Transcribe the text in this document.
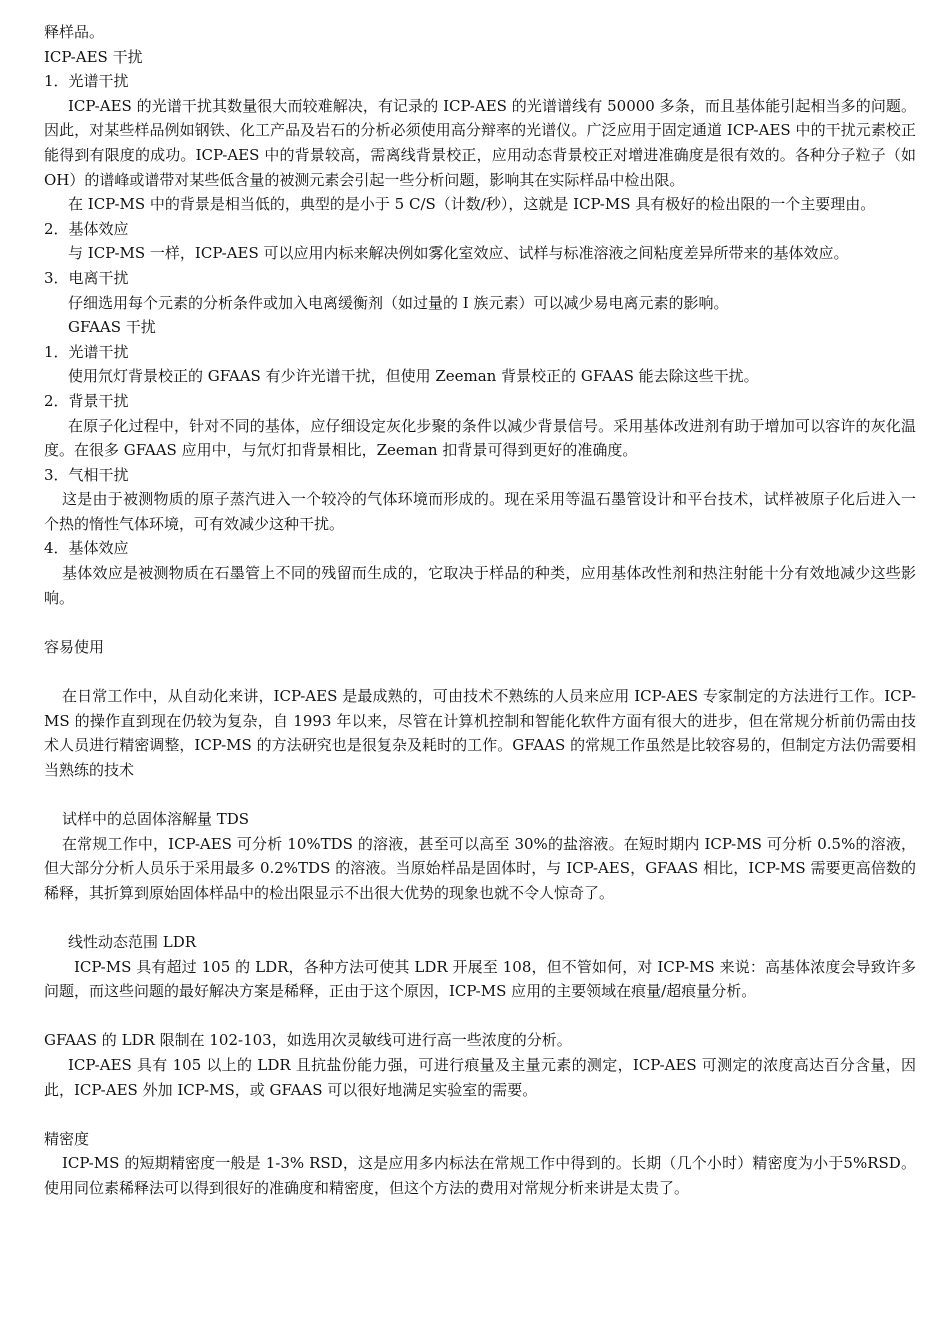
释样品。

ICP-AES 干扰

1．光谱干扰

ICP-AES 的光谱干扰其数量很大而较难解决，有记录的 ICP-AES 的光谱谱线有 50000 多条，而且基体能引起相当多的问题。因此，对某些样品例如钢铁、化工产品及岩石的分析必须使用高分辩率的光谱仪。广泛应用于固定通道 ICP-AES 中的干扰元素校正能得到有限度的成功。ICP-AES 中的背景较高，需离线背景校正，应用动态背景校正对增进准确度是很有效的。各种分子粒子（如 OH）的谱峰或谱带对某些低含量的被测元素会引起一些分析问题，影响其在实际样品中检出限。

在 ICP-MS 中的背景是相当低的，典型的是小于 5 C/S（计数/秒），这就是 ICP-MS 具有极好的检出限的一个主要理由。

2．基体效应

与 ICP-MS 一样，ICP-AES 可以应用内标来解决例如雾化室效应、试样与标准溶液之间粘度差异所带来的基体效应。

3．电离干扰

仔细选用每个元素的分析条件或加入电离缓衡剂（如过量的 I 族元素）可以减少易电离元素的影响。

GFAAS 干扰

1．光谱干扰

使用氘灯背景校正的 GFAAS 有少许光谱干扰，但使用 Zeeman 背景校正的 GFAAS 能去除这些干扰。

2．背景干扰

在原子化过程中，针对不同的基体，应仔细设定灰化步聚的条件以减少背景信号。采用基体改进剂有助于增加可以容许的灰化温度。在很多 GFAAS 应用中，与氘灯扣背景相比，Zeeman 扣背景可得到更好的准确度。

3．气相干扰

这是由于被测物质的原子蒸汽进入一个较冷的气体环境而形成的。现在采用等温石墨管设计和平台技术，试样被原子化后进入一个热的惰性气体环境，可有效减少这种干扰。

4．基体效应

基体效应是被测物质在石墨管上不同的残留而生成的，它取决于样品的种类，应用基体改性剂和热注射能十分有效地减少这些影响。

容易使用

在日常工作中，从自动化来讲，ICP-AES 是最成熟的，可由技术不熟练的人员来应用 ICP-AES 专家制定的方法进行工作。ICP-MS 的操作直到现在仍较为复杂，自 1993 年以来，尽管在计算机控制和智能化软件方面有很大的进步，但在常规分析前仍需由技术人员进行精密调整，ICP-MS 的方法研究也是很复杂及耗时的工作。GFAAS 的常规工作虽然是比较容易的，但制定方法仍需要相当熟练的技术

试样中的总固体溶解量 TDS

在常规工作中，ICP-AES 可分析 10%TDS 的溶液，甚至可以高至 30%的盐溶液。在短时期内 ICP-MS 可分析 0.5%的溶液，但大部分分析人员乐于采用最多 0.2%TDS 的溶液。当原始样品是固体时，与 ICP-AES，GFAAS 相比，ICP-MS 需要更高倍数的稀释，其折算到原始固体样品中的检出限显示不出很大优势的现象也就不令人惊奇了。

线性动态范围 LDR

ICP-MS 具有超过 105 的 LDR，各种方法可使其 LDR 开展至 108，但不管如何，对 ICP-MS 来说：高基体浓度会导致许多问题，而这些问题的最好解决方案是稀释，正由于这个原因，ICP-MS 应用的主要领域在痕量/超痕量分析。

GFAAS 的 LDR 限制在 102-103，如选用次灵敏线可进行高一些浓度的分析。

ICP-AES 具有 105 以上的 LDR 且抗盐份能力强，可进行痕量及主量元素的测定，ICP-AES 可测定的浓度高达百分含量，因此，ICP-AES 外加 ICP-MS，或 GFAAS 可以很好地满足实验室的需要。

精密度

ICP-MS 的短期精密度一般是 1-3% RSD，这是应用多内标法在常规工作中得到的。长期（几个小时）精密度为小于5%RSD。使用同位素稀释法可以得到很好的准确度和精密度，但这个方法的费用对常规分析来讲是太贵了。
